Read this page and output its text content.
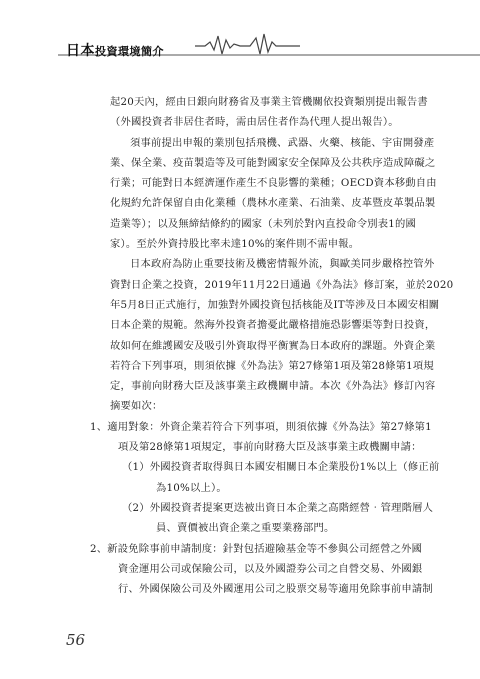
日本投資環境簡介
起20天內，經由日銀向財務省及事業主管機關依投資類別提出報告書
（外國投資者非居住者時，需由居住者作為代理人提出報告）。
須事前提出申報的業別包括飛機、武器、火藥、核能、宇宙開發產
業、保全業、疫苗製造等及可能對國家安全保障及公共秩序造成障礙之
行業；可能對日本經濟運作產生不良影響的業種；OECD資本移動自由
化規約允許保留自由化業種（農林水產業、石油業、皮革暨皮革製品製
造業等）；以及無締結條約的國家（未列於對內直投命令別表1的國
家）。至於外資持股比率未達10%的案件則不需申報。
日本政府為防止重要技術及機密情報外流，與歐美同步嚴格控管外
資對日企業之投資，2019年11月22日通過《外為法》修訂案，並於2020
年5月8日正式施行，加強對外國投資包括核能及IT等涉及日本國安相關
日本企業的規範。然海外投資者擔憂此嚴格措施恐影響渠等對日投資，
故如何在維護國安及吸引外資取得平衡實為日本政府的課題。外資企業
若符合下列事項，則須依據《外為法》第27條第1項及第28條第1項規
定，事前向財務大臣及該事業主政機關申請。本次《外為法》修訂內容
摘要如次：
1、適用對象：外資企業若符合下列事項，則須依據《外為法》第27條第1
項及第28條第1項規定，事前向財務大臣及該事業主政機關申請：
（1）外國投資者取得與日本國安相關日本企業股份1%以上（修正前
為10%以上）。
（2）外國投資者提案更迭被出資日本企業之高階經營‧管理階層人
員、賣價被出資企業之重要業務部門。
2、新設免除事前申請制度：針對包括避險基金等不參與公司經營之外國
資金運用公司或保險公司，以及外國證券公司之自營交易、外國銀
行、外國保險公司及外國運用公司之股票交易等適用免除事前申請制
56
